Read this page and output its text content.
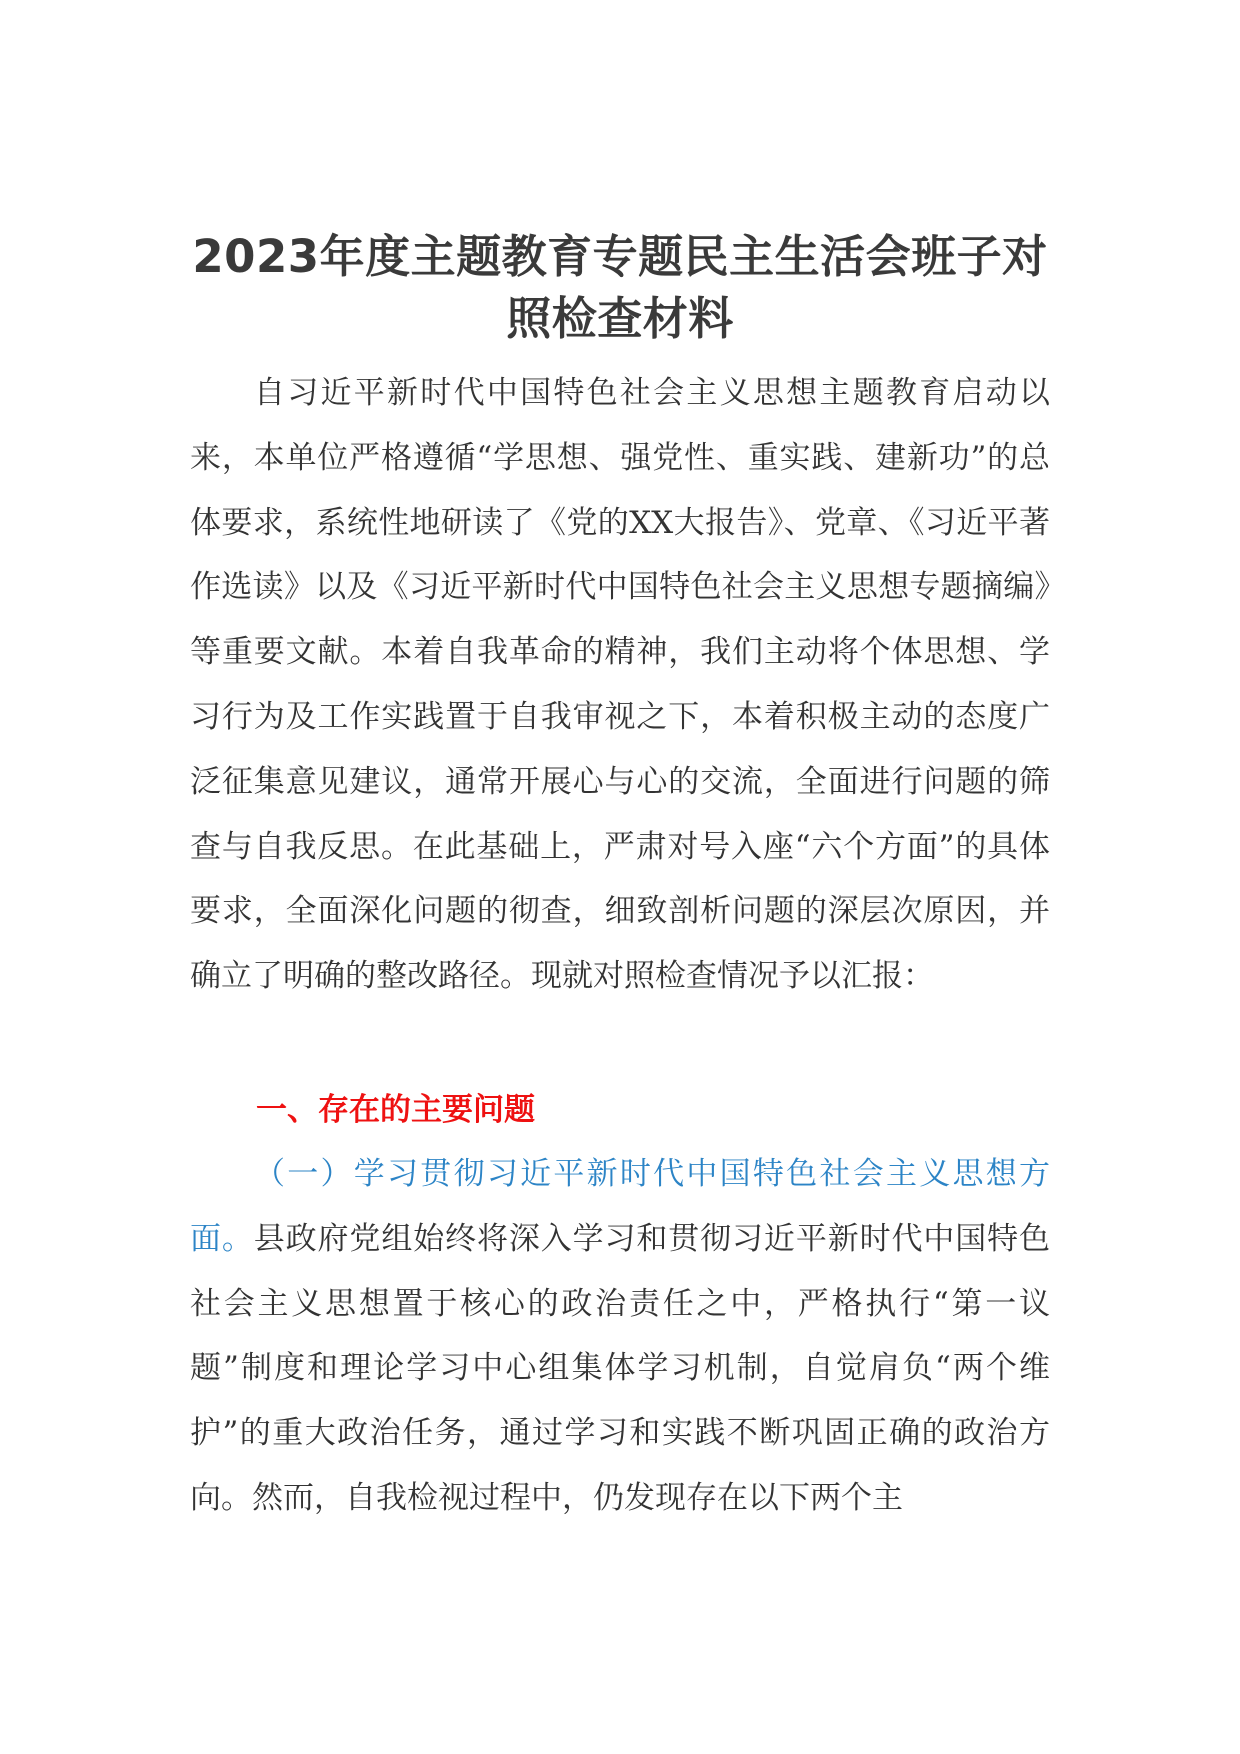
2023年度主题教育专题民主生活会班子对
照检查材料

自习近平新时代中国特色社会主义思想主题教育启动以来，本单位严格遵循“学思想、强党性、重实践、建新功”的总体要求，系统性地研读了《党的XX大报告》、党章、《习近平著作选读》以及《习近平新时代中国特色社会主义思想专题摘编》等重要文献。本着自我革命的精神，我们主动将个体思想、学习行为及工作实践置于自我审视之下，本着积极主动的态度广泛征集意见建议，通常开展心与心的交流，全面进行问题的筛查与自我反思。在此基础上，严肃对号入座“六个方面”的具体要求，全面深化问题的彻查，细致剖析问题的深层次原因，并确立了明确的整改路径。现就对照检查情况予以汇报：

一、存在的主要问题

（一）学习贯彻习近平新时代中国特色社会主义思想方面。县政府党组始终将深入学习和贯彻习近平新时代中国特色社会主义思想置于核心的政治责任之中，严格执行“第一议题”制度和理论学习中心组集体学习机制，自觉肩负“两个维护”的重大政治任务，通过学习和实践不断巩固正确的政治方向。然而，自我检视过程中，仍发现存在以下两个主
